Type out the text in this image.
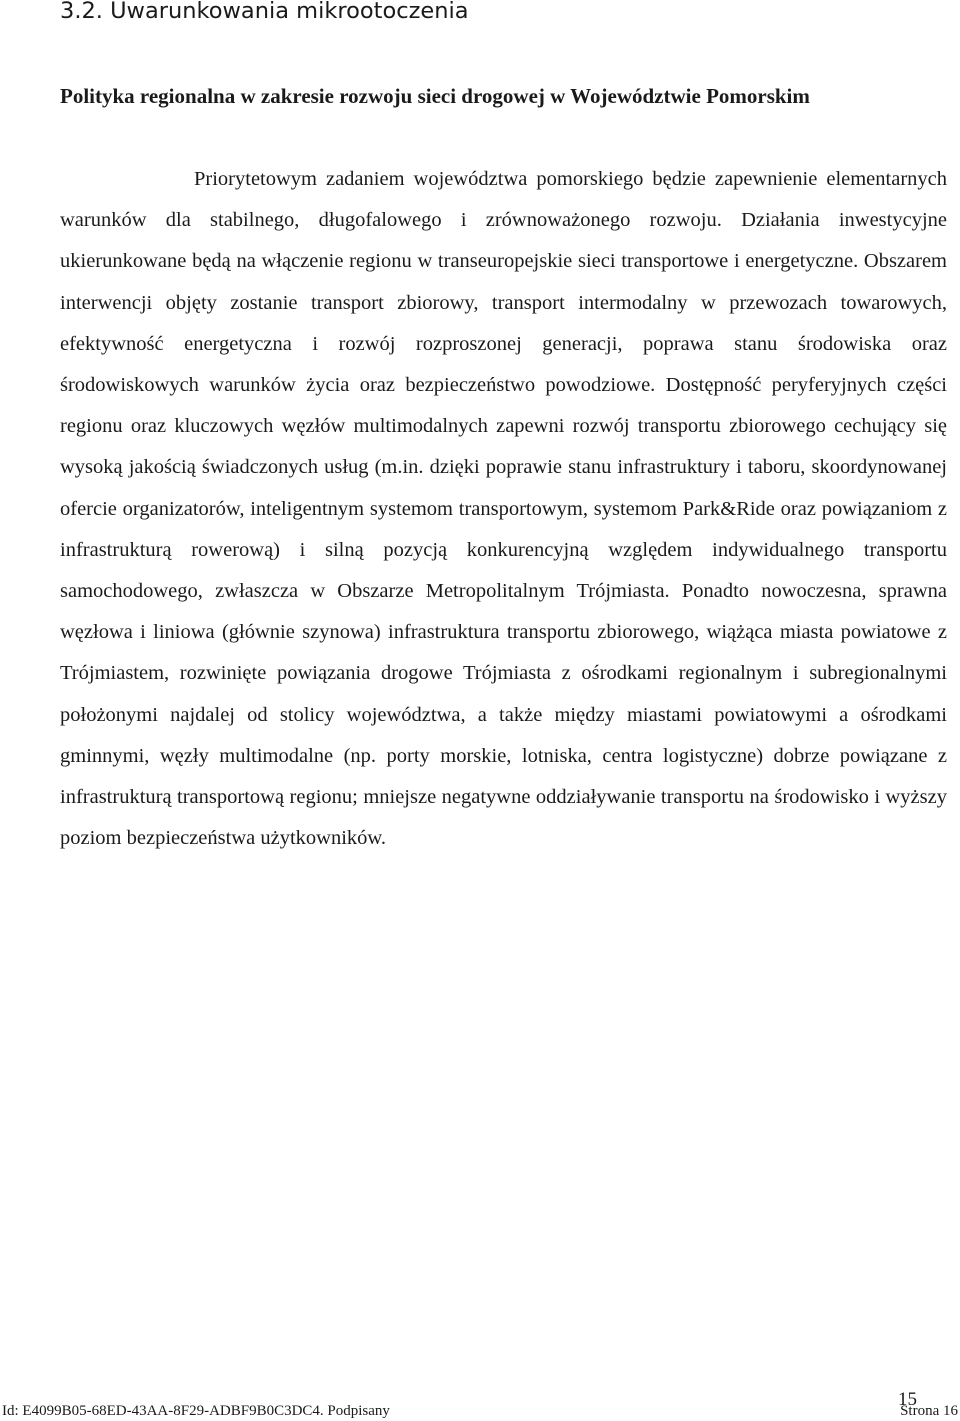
3.2. Uwarunkowania mikrootoczenia
Polityka regionalna w zakresie rozwoju sieci drogowej w Województwie Pomorskim

Priorytetowym zadaniem województwa pomorskiego będzie zapewnienie elementarnych warunków dla stabilnego, długofalowego i zrównoważonego rozwoju. Działania inwestycyjne ukierunkowane będą na włączenie regionu w transeuropejskie sieci transportowe i energetyczne. Obszarem interwencji objęty zostanie transport zbiorowy, transport intermodalny w przewozach towarowych, efektywność energetyczna i rozwój rozproszonej generacji, poprawa stanu środowiska oraz środowiskowych warunków życia oraz bezpieczeństwo powodziowe. Dostępność peryferyjnych części regionu oraz kluczowych węzłów multimodalnych zapewni rozwój transportu zbiorowego cechujący się wysoką jakością świadczonych usług (m.in. dzięki poprawie stanu infrastruktury i taboru, skoordynowanej ofercie organizatorów, inteligentnym systemom transportowym, systemom Park&Ride oraz powiązaniom z infrastrukturą rowerową) i silną pozycją konkurencyjną względem indywidualnego transportu samochodowego, zwłaszcza w Obszarze Metropolitalnym Trójmiasta. Ponadto nowoczesna, sprawna węzłowa i liniowa (głównie szynowa) infrastruktura transportu zbiorowego, wiążąca miasta powiatowe z Trójmiastem, rozwinięte powiązania drogowe Trójmiasta z ośrodkami regionalnym i subregionalnymi położonymi najdalej od stolicy województwa, a także między miastami powiatowymi a ośrodkami gminnymi, węzły multimodalne (np. porty morskie, lotniska, centra logistyczne) dobrze powiązane z infrastrukturą transportową regionu; mniejsze negatywne oddziaływanie transportu na środowisko i wyższy poziom bezpieczeństwa użytkowników.

Id: E4099B05-68ED-43AA-8F29-ADBF9B0C3DC4. Podpisany
15
Strona 16
